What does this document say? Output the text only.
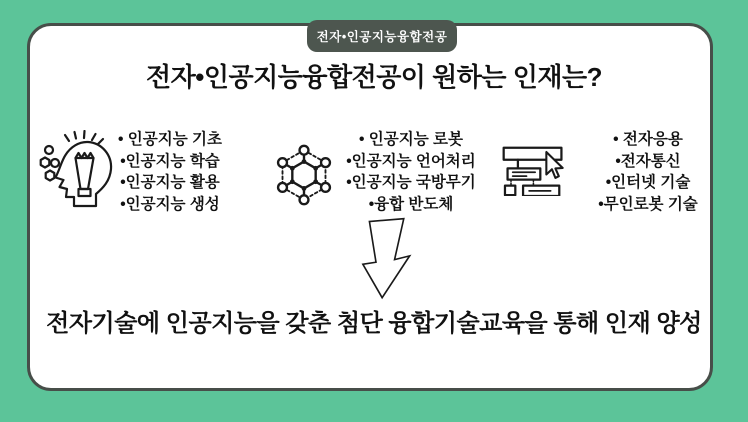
전자•인공지능융합전공
전자•인공지능융합전공이 원하는 인재는?
• 인공지능 기초
•인공지능 학습
•인공지능 활용
•인공지능 생성
• 인공지능 로봇
•인공지능 언어처리
•인공지능 국방무기
•융합 반도체
• 전자응용
•전자통신
•인터넷 기술
•무인로봇 기술
전자기술에 인공지능을 갖춘 첨단 융합기술교육을 통해 인재 양성
